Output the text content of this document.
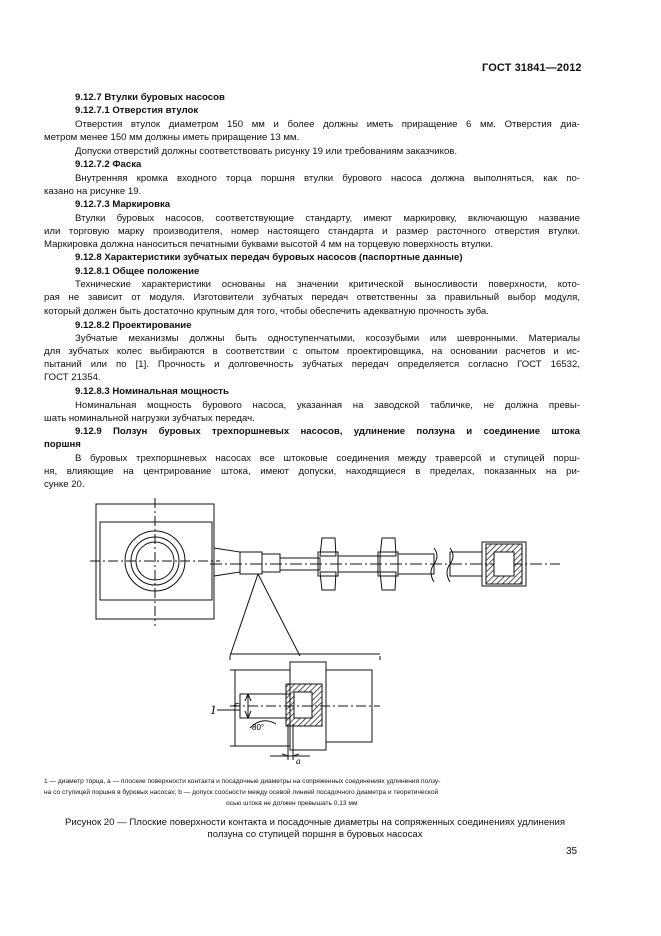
ГОСТ 31841—2012
9.12.7 Втулки буровых насосов
9.12.7.1 Отверстия втулок
Отверстия втулок диаметром 150 мм и более должны иметь приращение 6 мм. Отверстия диа-
метром менее 150 мм должны иметь приращение 13 мм.
Допуски отверстий должны соответствовать рисунку 19 или требованиям заказчиков.
9.12.7.2 Фаска
Внутренняя кромка входного торца поршня втулки бурового насоса должна выполняться, как по-
казано на рисунке 19.
9.12.7.3 Маркировка
Втулки буровых насосов, соответствующие стандарту, имеют маркировку, включающую название
или торговую марку производителя, номер настоящего стандарта и размер расточного отверстия втулки.
Маркировка должна наноситься печатными буквами высотой 4 мм на торцевую поверхность втулки.
9.12.8 Характеристики зубчатых передач буровых насосов (паспортные данные)
9.12.8.1 Общее положение
Технические характеристики основаны на значении критической выносливости поверхности, кото-
рая не зависит от модуля. Изготовители зубчатых передач ответственны за правильный выбор модуля,
который должен быть достаточно крупным для того, чтобы обеспечить адекватную прочность зуба.
9.12.8.2 Проектирование
Зубчатые механизмы должны быть одноступенчатыми, косозубыми или шевронными. Материалы
для зубчатых колес выбираются в соответствии с опытом проектировщика, на основании расчетов и ис-
пытаний или по [1]. Прочность и долговечность зубчатых передач определяется согласно ГОСТ 16532,
ГОСТ 21354.
9.12.8.3 Номинальная мощность
Номинальная мощность бурового насоса, указанная на заводской табличке, не должна превы-
шать номинальной нагрузки зубчатых передач.
9.12.9 Ползун буровых трехпоршневых насосов, удлинение ползуна и соединение штока
поршня
В буровых трехпоршневых насосах все штоковые соединения между траверсой и ступицей порш-
ня, влияющие на центрирование штока, имеют допуски, находящиеся в пределах, показанных на ри-
сунке 20.
1 b
80°
a
1 — диаметр торца, a — плоские поверхности контакта и посадочные диаметры на сопряженных соединениях удлинения ползу-
на со ступицей поршня в буровых насосах; b — допуск соосности между осевой линией посадочного диаметра и теоретической
осью штока не должен превышать 0,13 мм
Рисунок 20 — Плоские поверхности контакта и посадочные диаметры на сопряженных соединениях удлинения
ползуна со ступицей поршня в буровых насосах
35
